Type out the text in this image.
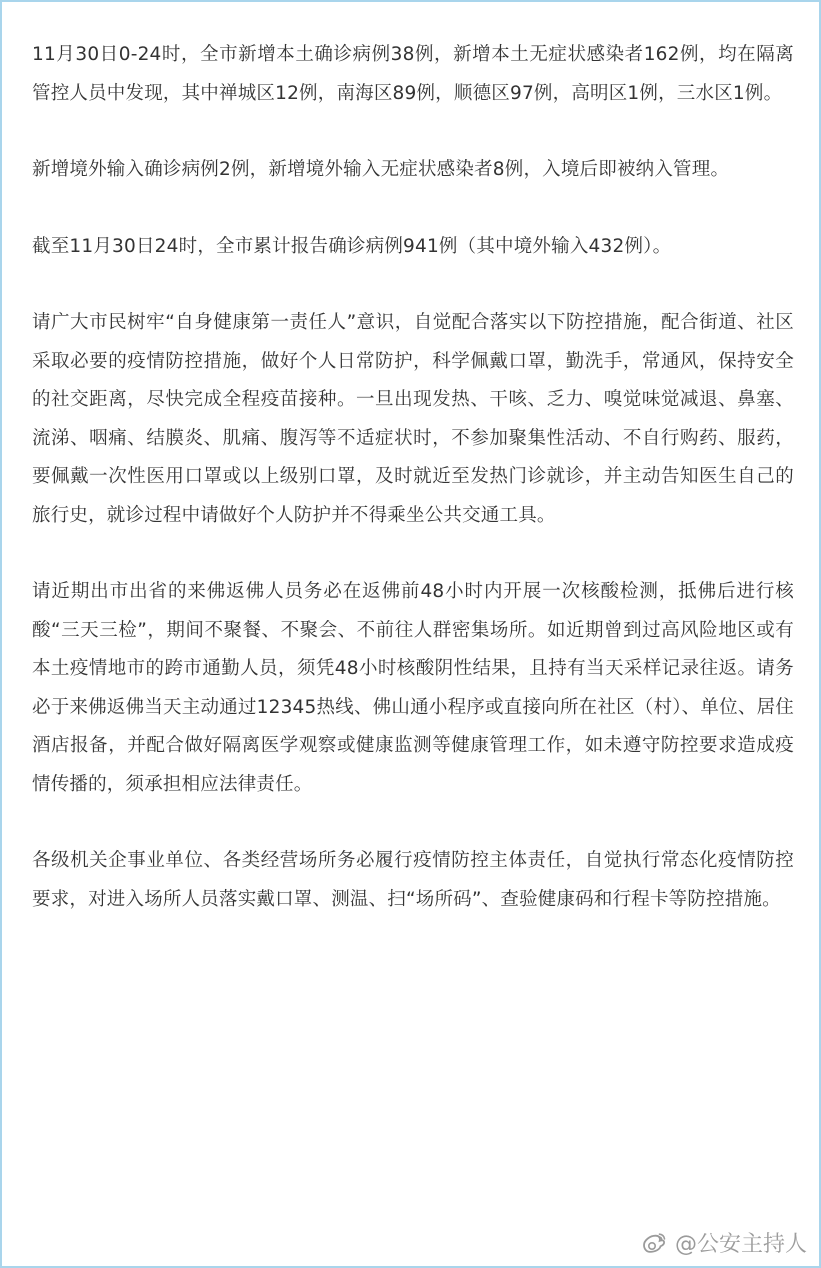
11月30日0-24时，全市新增本土确诊病例38例，新增本土无症状感染者162例，均在隔离管控人员中发现，其中禅城区12例，南海区89例，顺德区97例，高明区1例，三水区1例。

新增境外输入确诊病例2例，新增境外输入无症状感染者8例，入境后即被纳入管理。

截至11月30日24时，全市累计报告确诊病例941例（其中境外输入432例）。

请广大市民树牢“自身健康第一责任人”意识，自觉配合落实以下防控措施，配合街道、社区采取必要的疫情防控措施，做好个人日常防护，科学佩戴口罩，勤洗手，常通风，保持安全的社交距离，尽快完成全程疫苗接种。一旦出现发热、干咳、乏力、嗅觉味觉减退、鼻塞、流涕、咽痛、结膜炎、肌痛、腹泻等不适症状时，不参加聚集性活动、不自行购药、服药，要佩戴一次性医用口罩或以上级别口罩，及时就近至发热门诊就诊，并主动告知医生自己的旅行史，就诊过程中请做好个人防护并不得乘坐公共交通工具。

请近期出市出省的来佛返佛人员务必在返佛前48小时内开展一次核酸检测，抵佛后进行核酸“三天三检”，期间不聚餐、不聚会、不前往人群密集场所。如近期曾到过高风险地区或有本土疫情地市的跨市通勤人员，须凭48小时核酸阴性结果，且持有当天采样记录往返。请务必于来佛返佛当天主动通过12345热线、佛山通小程序或直接向所在社区（村）、单位、居住酒店报备，并配合做好隔离医学观察或健康监测等健康管理工作，如未遵守防控要求造成疫情传播的，须承担相应法律责任。

各级机关企事业单位、各类经营场所务必履行疫情防控主体责任，自觉执行常态化疫情防控要求，对进入场所人员落实戴口罩、测温、扫“场所码”、查验健康码和行程卡等防控措施。

@公安主持人
